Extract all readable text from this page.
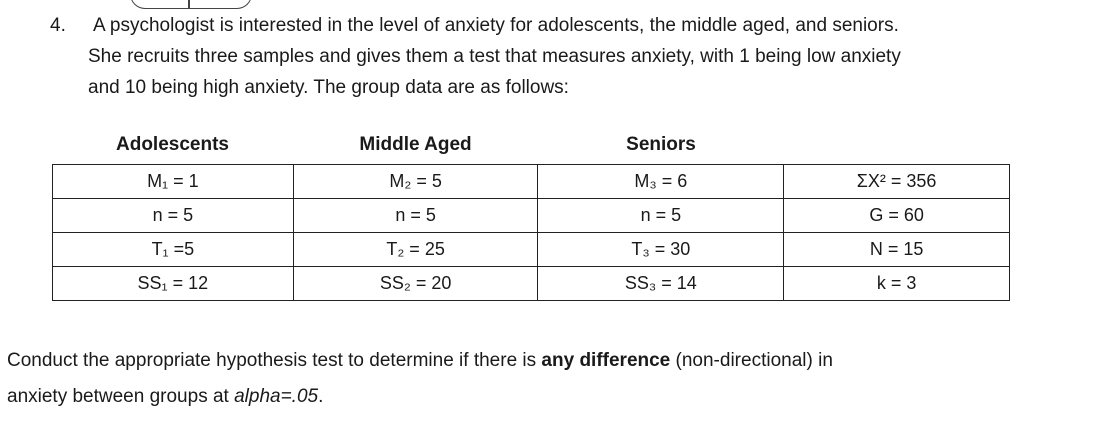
4. A psychologist is interested in the level of anxiety for adolescents, the middle aged, and seniors.
She recruits three samples and gives them a test that measures anxiety, with 1 being low anxiety
and 10 being high anxiety. The group data are as follows:
Adolescents	Middle Aged	Seniors
M₁ = 1	M₂ = 5	M₃ = 6	ΣX² = 356
n = 5	n = 5	n = 5	G = 60
T₁ =5	T₂ = 25	T₃ = 30	N = 15
SS₁ = 12	SS₂ = 20	SS₃ = 14	k = 3
Conduct the appropriate hypothesis test to determine if there is any difference (non-directional) in
anxiety between groups at alpha=.05.
